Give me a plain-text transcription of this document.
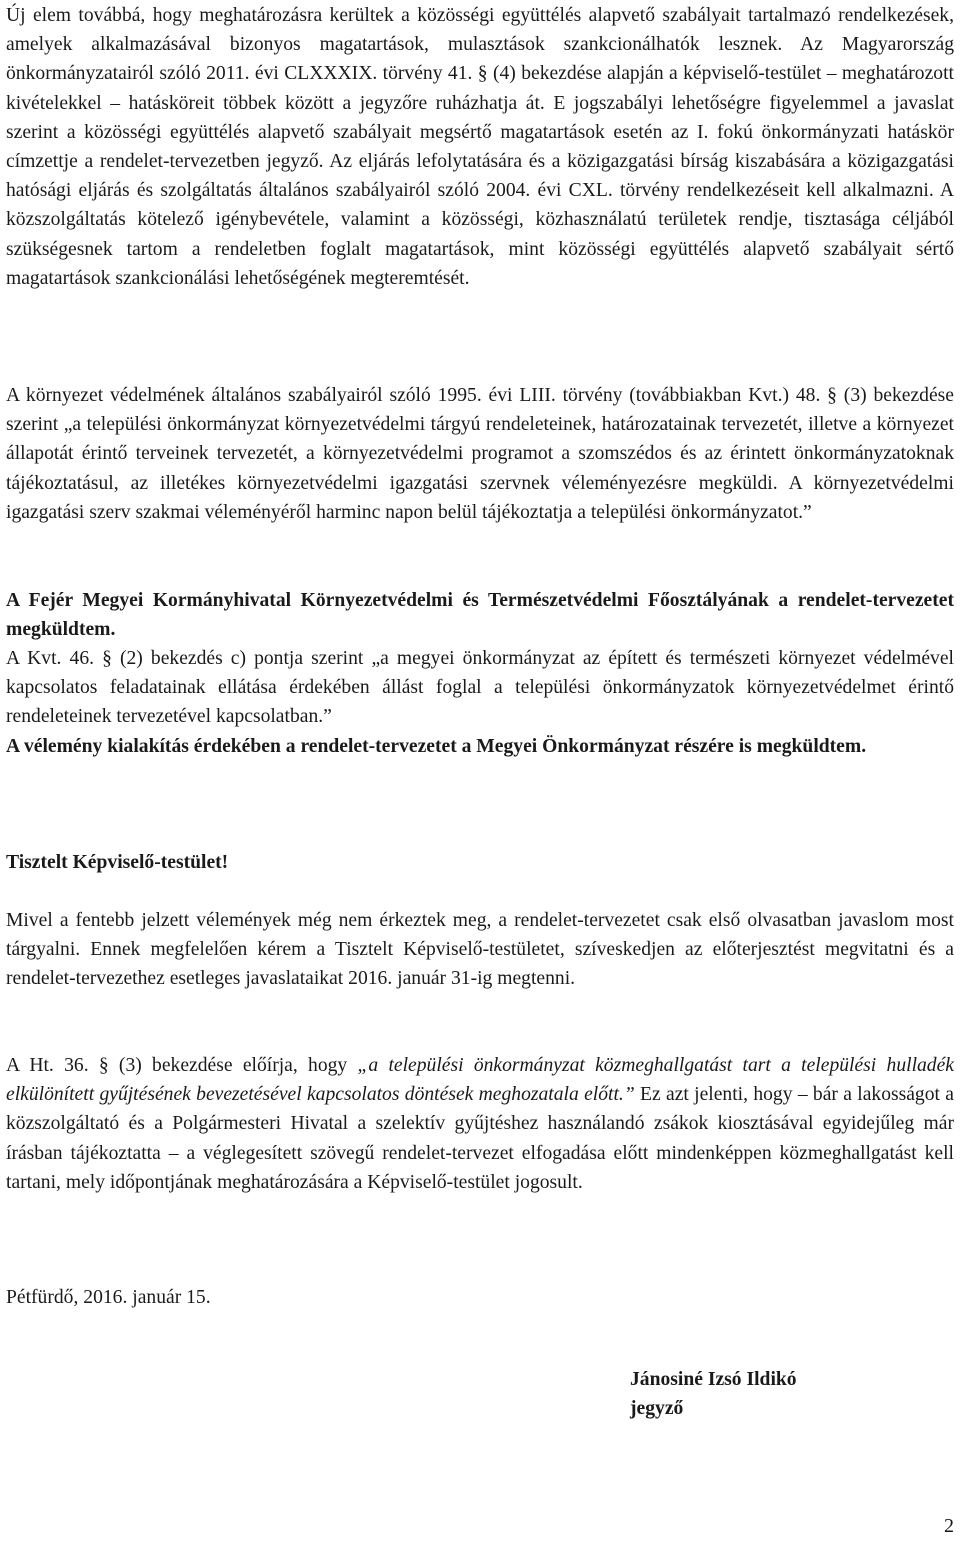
Új elem továbbá, hogy meghatározásra kerültek a közösségi együttélés alapvető szabályait tartalmazó rendelkezések, amelyek alkalmazásával bizonyos magatartások, mulasztások szankcionálhatók lesznek. Az Magyarország önkormányzatairól szóló 2011. évi CLXXXIX. törvény 41. § (4) bekezdése alapján a képviselő-testület – meghatározott kivételekkel – hatásköreit többek között a jegyzőre ruházhatja át. E jogszabályi lehetőségre figyelemmel a javaslat szerint a közösségi együttélés alapvető szabályait megsértő magatartások esetén az I. fokú önkormányzati hatáskör címzettje a rendelet-tervezetben jegyző. Az eljárás lefolytatására és a közigazgatási bírság kiszabására a közigazgatási hatósági eljárás és szolgáltatás általános szabályairól szóló 2004. évi CXL. törvény rendelkezéseit kell alkalmazni. A közszolgáltatás kötelező igénybevétele, valamint a közösségi, közhasználatú területek rendje, tisztasága céljából szükségesnek tartom a rendeletben foglalt magatartások, mint közösségi együttélés alapvető szabályait sértő magatartások szankcionálási lehetőségének megteremtését.

A környezet védelmének általános szabályairól szóló 1995. évi LIII. törvény (továbbiakban Kvt.) 48. § (3) bekezdése szerint „a települési önkormányzat környezetvédelmi tárgyú rendeleteinek, határozatainak tervezetét, illetve a környezet állapotát érintő terveinek tervezetét, a környezetvédelmi programot a szomszédos és az érintett önkormányzatoknak tájékoztatásul, az illetékes környezetvédelmi igazgatási szervnek véleményezésre megküldi. A környezetvédelmi igazgatási szerv szakmai véleményéről harminc napon belül tájékoztatja a települési önkormányzatot.”

A Fejér Megyei Kormányhivatal Környezetvédelmi és Természetvédelmi Főosztályának a rendelet-tervezetet megküldtem.

A Kvt. 46. § (2) bekezdés c) pontja szerint „a megyei önkormányzat az épített és természeti környezet védelmével kapcsolatos feladatainak ellátása érdekében állást foglal a települési önkormányzatok környezetvédelmet érintő rendeleteinek tervezetével kapcsolatban.”

A vélemény kialakítás érdekében a rendelet-tervezetet a Megyei Önkormányzat részére is megküldtem.

Tisztelt Képviselő-testület!

Mivel a fentebb jelzett vélemények még nem érkeztek meg, a rendelet-tervezetet csak első olvasatban javaslom most tárgyalni. Ennek megfelelően kérem a Tisztelt Képviselő-testületet, szíveskedjen az előterjesztést megvitatni és a rendelet-tervezethez esetleges javaslataikat 2016. január 31-ig megtenni.

A Ht. 36. § (3) bekezdése előírja, hogy „a települési önkormányzat közmeghallgatást tart a települési hulladék elkülönített gyűjtésének bevezetésével kapcsolatos döntések meghozatala előtt.” Ez azt jelenti, hogy – bár a lakosságot a közszolgáltató és a Polgármesteri Hivatal a szelektív gyűjtéshez használandó zsákok kiosztásával egyidejűleg már írásban tájékoztatta – a véglegesített szövegű rendelet-tervezet elfogadása előtt mindenképpen közmeghallgatást kell tartani, mely időpontjának meghatározására a Képviselő-testület jogosult.

Pétfürdő, 2016. január 15.

Jánosiné Izsó Ildikó

jegyző

2
